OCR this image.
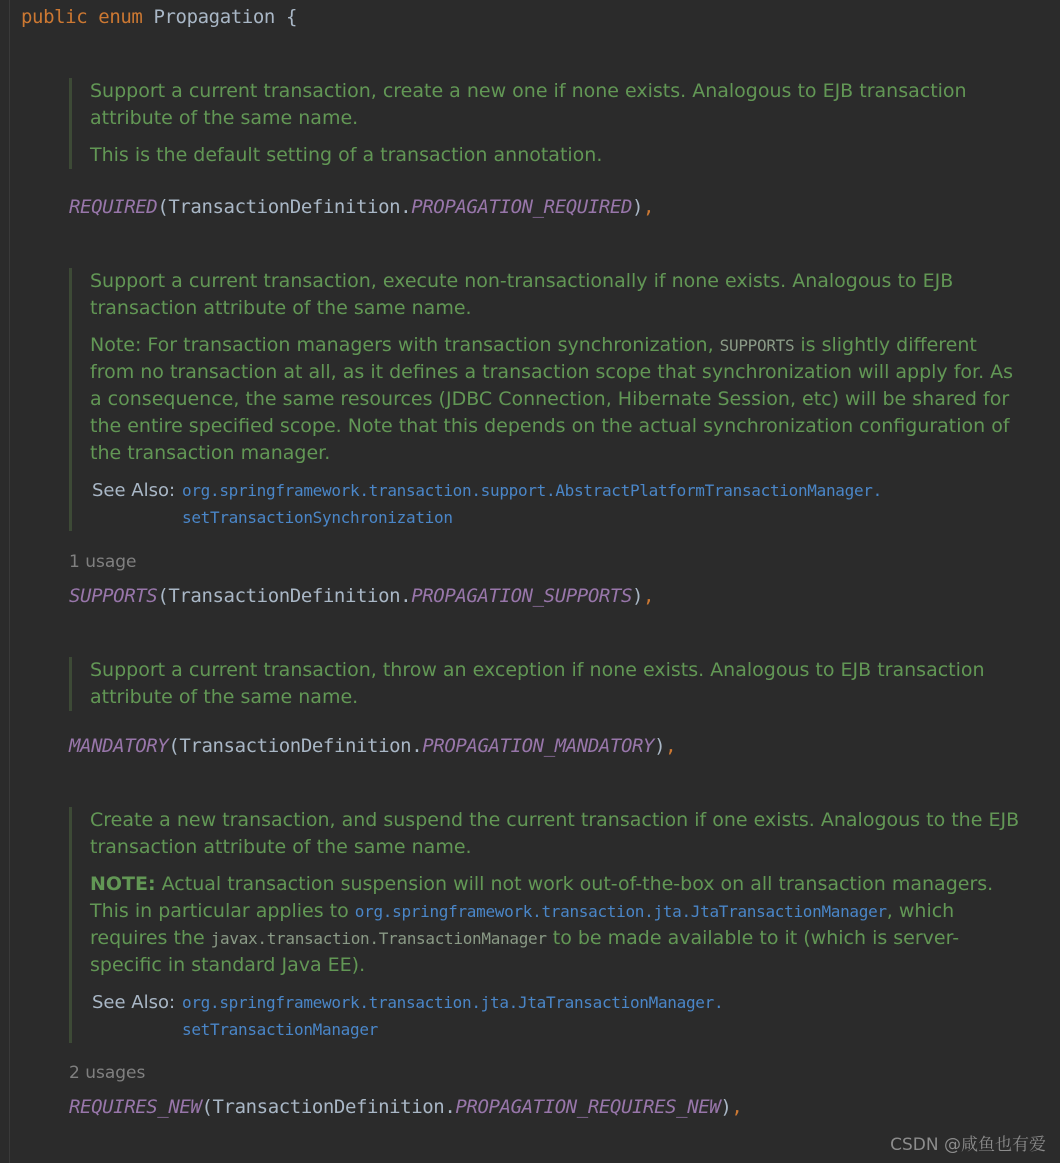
public enum Propagation {

Support a current transaction, create a new one if none exists. Analogous to EJB transaction attribute of the same name.

This is the default setting of a transaction annotation.

REQUIRED(TransactionDefinition.PROPAGATION_REQUIRED),

Support a current transaction, execute non-transactionally if none exists. Analogous to EJB transaction attribute of the same name.

Note: For transaction managers with transaction synchronization, SUPPORTS is slightly different from no transaction at all, as it defines a transaction scope that synchronization will apply for. As a consequence, the same resources (JDBC Connection, Hibernate Session, etc) will be shared for the entire specified scope. Note that this depends on the actual synchronization configuration of the transaction manager.

See Also: org.springframework.transaction.support.AbstractPlatformTransactionManager.
setTransactionSynchronization
1 usage
SUPPORTS(TransactionDefinition.PROPAGATION_SUPPORTS),

Support a current transaction, throw an exception if none exists. Analogous to EJB transaction attribute of the same name.

MANDATORY(TransactionDefinition.PROPAGATION_MANDATORY),

Create a new transaction, and suspend the current transaction if one exists. Analogous to the EJB transaction attribute of the same name.

NOTE: Actual transaction suspension will not work out-of-the-box on all transaction managers. This in particular applies to org.springframework.transaction.jta.JtaTransactionManager, which requires the javax.transaction.TransactionManager to be made available to it (which is server-specific in standard Java EE).

See Also: org.springframework.transaction.jta.JtaTransactionManager.
setTransactionManager
2 usages
REQUIRES_NEW(TransactionDefinition.PROPAGATION_REQUIRES_NEW),
CSDN @咸鱼也有爱
